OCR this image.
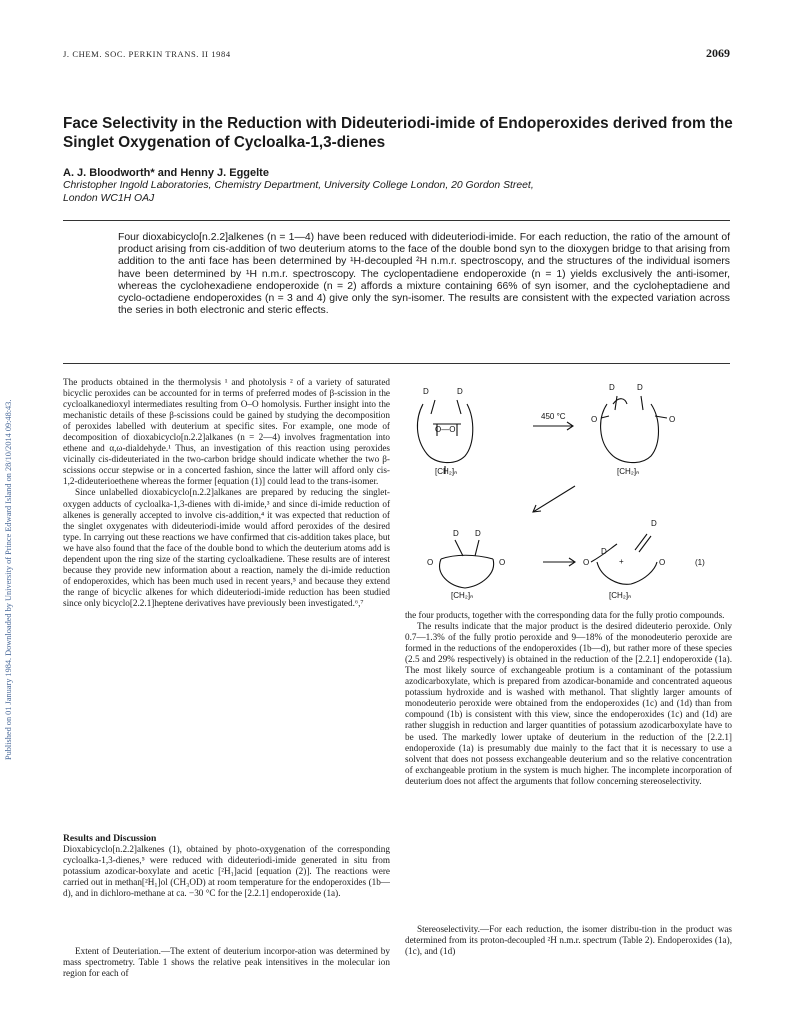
Published on 01 January 1984. Downloaded by University of Prince Edward Island on 28/10/2014 09:48:43.
J. CHEM. SOC. PERKIN TRANS. II 1984	2069
Face Selectivity in the Reduction with Dideuteriodi-imide of Endoperoxides derived from the Singlet Oxygenation of Cycloalka-1,3-dienes
A. J. Bloodworth* and Henny J. Eggelte
Christopher Ingold Laboratories, Chemistry Department, University College London, 20 Gordon Street,
London WC1H OAJ
Four dioxabicyclo[n.2.2]alkenes (n = 1—4) have been reduced with dideuteriodi-imide. For each reduction, the ratio of the amount of product arising from cis-addition of two deuterium atoms to the face of the double bond syn to the dioxygen bridge to that arising from addition to the anti face has been determined by ¹H-decoupled ²H n.m.r. spectroscopy, and the structures of the individual isomers have been determined by ¹H n.m.r. spectroscopy. The cyclopentadiene endoperoxide (n = 1) yields exclusively the anti-isomer, whereas the cyclohexadiene endoperoxide (n = 2) affords a mixture containing 66% of syn isomer, and the cycloheptadiene and cyclo-octadiene endoperoxides (n = 3 and 4) give only the syn-isomer. The results are consistent with the expected variation across the series in both electronic and steric effects.

The products obtained in the thermolysis ¹ and photolysis ² of a variety of saturated bicyclic peroxides can be accounted for in terms of preferred modes of β-scission in the cycloalkanedioxyl intermediates resulting from O–O homolysis. Further insight into the mechanistic details of these β-scissions could be gained by studying the decomposition of peroxides labelled with deuterium at specific sites. For example, one mode of decomposition of dioxabicyclo[n.2.2]alkanes (n = 2—4) involves fragmentation into ethene and α,ω-dialdehyde.¹ Thus, an investigation of this reaction using peroxides vicinally cis-dideuteriated in the two-carbon bridge should indicate whether the two β-scissions occur stepwise or in a concerted fashion, since the latter will afford only cis-1,2-dideuterioethene whereas the former [equation (1)] could lead to the trans-isomer.

Since unlabelled dioxabicyclo[n.2.2]alkanes are prepared by reducing the singlet-oxygen adducts of cycloalka-1,3-dienes with di-imide,³ and since di-imide reduction of alkenes is generally accepted to involve cis-addition,⁴ it was expected that reduction of the singlet oxygenates with dideuteriodi-imide would afford peroxides of the desired type. In carrying out these reactions we have confirmed that cis-addition takes place, but we have also found that the face of the double bond to which the deuterium atoms add is dependent upon the ring size of the starting cycloalkadiene. These results are of interest because they provide new information about a reaction, namely the di-imide reduction of endoperoxides, which has been much used in recent years,⁵ and because they extend the range of bicyclic alkenes for which dideuteriodi-imide reduction has been studied since only bicyclo[2.2.1]heptene derivatives have previously been investigated.⁶,⁷

Results and Discussion

Dioxabicyclo[n.2.2]alkenes (1), obtained by photo-oxygenation of the corresponding cycloalka-1,3-dienes,⁵ were reduced with dideuteriodi-imide generated in situ from potassium azodicar-boxylate and acetic [²H₁]acid [equation (2)]. The reactions were carried out in methan[²H₁]ol (CH₃OD) at room temperature for the endoperoxides (1b—d), and in dichloro-methane at ca. −30 °C for the [2.2.1] endoperoxide (1a).

Extent of Deuteriation.—The extent of deuterium incorpor-ation was determined by mass spectrometry. Table 1 shows the relative peak intensitives in the molecular ion region for each of

D	D
O—O
[CH₂]ₙ
450 °C
D	D
O	O
[CH₂]ₙ
D D
O	O
[CH₂]ₙ
D
D
+
O	O
[CH₂]ₙ
(1)

the four products, together with the corresponding data for the fully protio compounds.

The results indicate that the major product is the desired dideuterio peroxide. Only 0.7—1.3% of the fully protio peroxide and 9—18% of the monodeuterio peroxide are formed in the reductions of the endoperoxides (1b—d), but rather more of these species (2.5 and 29% respectively) is obtained in the reduction of the [2.2.1] endoperoxide (1a). The most likely source of exchangeable protium is a contaminant of the potassium azodicarboxylate, which is prepared from azodicar-bonamide and concentrated aqueous potassium hydroxide and is washed with methanol. That slightly larger amounts of monodeuterio peroxide were obtained from the endoperoxides (1c) and (1d) than from compound (1b) is consistent with this view, since the endoperoxides (1c) and (1d) are rather sluggish in reduction and larger quantities of potassium azodicarboxylate have to be used. The markedly lower uptake of deuterium in the reduction of the [2.2.1] endoperoxide (1a) is presumably due mainly to the fact that it is necessary to use a solvent that does not possess exchangeable deuterium and so the relative concentration of exchangeable protium in the system is much higher. The incomplete incorporation of deuterium does not affect the arguments that follow concerning stereoselectivity.

Stereoselectivity.—For each reduction, the isomer distribu-tion in the product was determined from its proton-decoupled ²H n.m.r. spectrum (Table 2). Endoperoxides (1a), (1c), and (1d)
